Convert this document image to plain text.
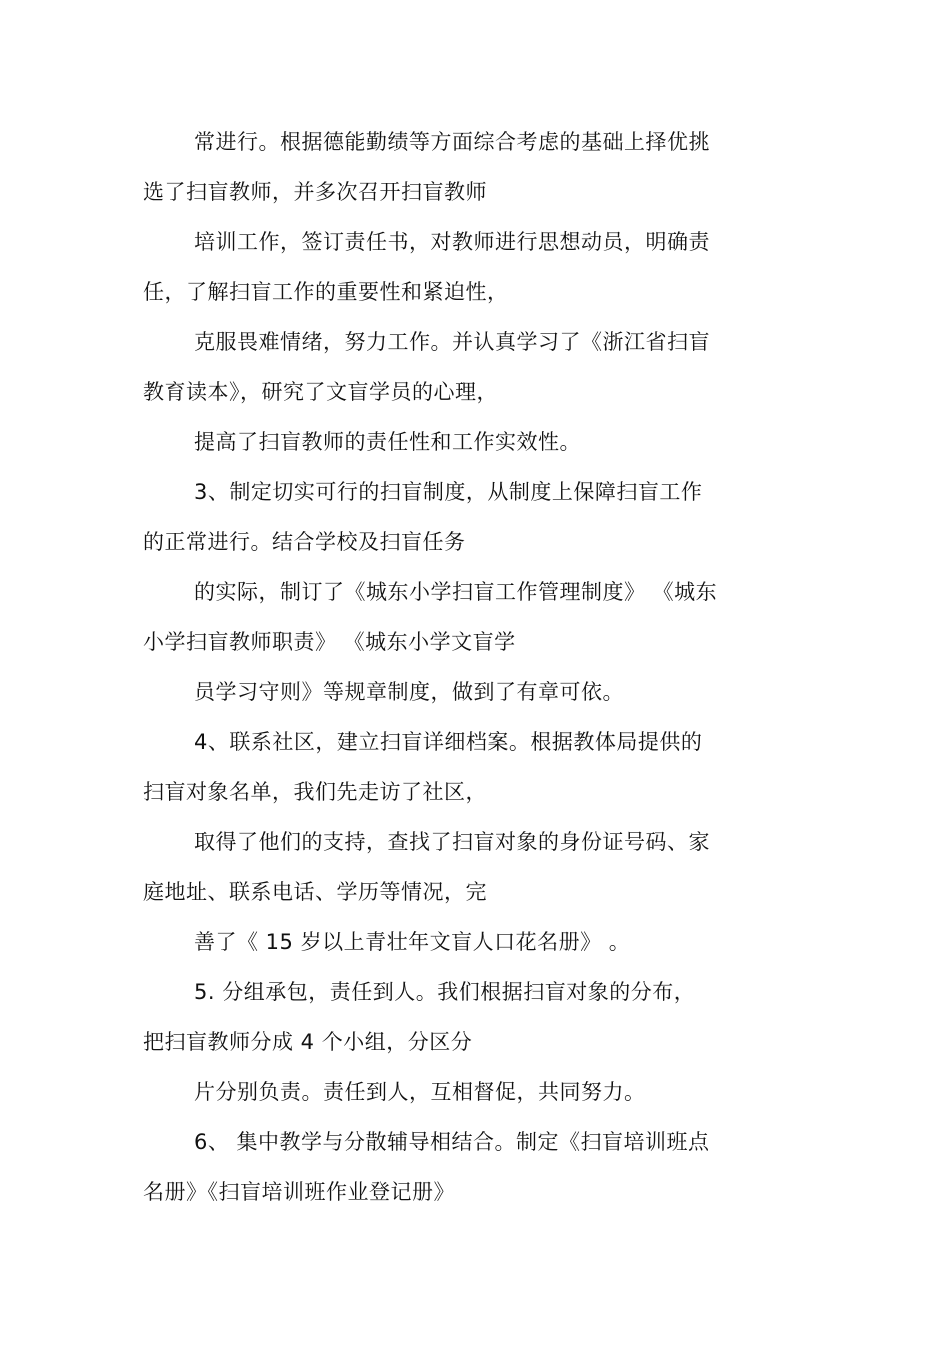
常进行。根据德能勤绩等方面综合考虑的基础上择优挑
选了扫盲教师，并多次召开扫盲教师
培训工作，签订责任书，对教师进行思想动员，明确责
任，了解扫盲工作的重要性和紧迫性，
克服畏难情绪，努力工作。并认真学习了《浙江省扫盲
教育读本》，研究了文盲学员的心理，
提高了扫盲教师的责任性和工作实效性。
3、制定切实可行的扫盲制度，从制度上保障扫盲工作
的正常进行。结合学校及扫盲任务
的实际，制订了《城东小学扫盲工作管理制度》 《城东
小学扫盲教师职责》 《城东小学文盲学
员学习守则》等规章制度，做到了有章可依。
4、联系社区，建立扫盲详细档案。根据教体局提供的
扫盲对象名单，我们先走访了社区，
取得了他们的支持，查找了扫盲对象的身份证号码、家
庭地址、联系电话、学历等情况，完
善了《 15 岁以上青壮年文盲人口花名册》 。
5. 分组承包，责任到人。我们根据扫盲对象的分布，
把扫盲教师分成 4 个小组，分区分
片分别负责。责任到人，互相督促，共同努力。
6、 集中教学与分散辅导相结合。制定《扫盲培训班点
名册》《扫盲培训班作业登记册》
